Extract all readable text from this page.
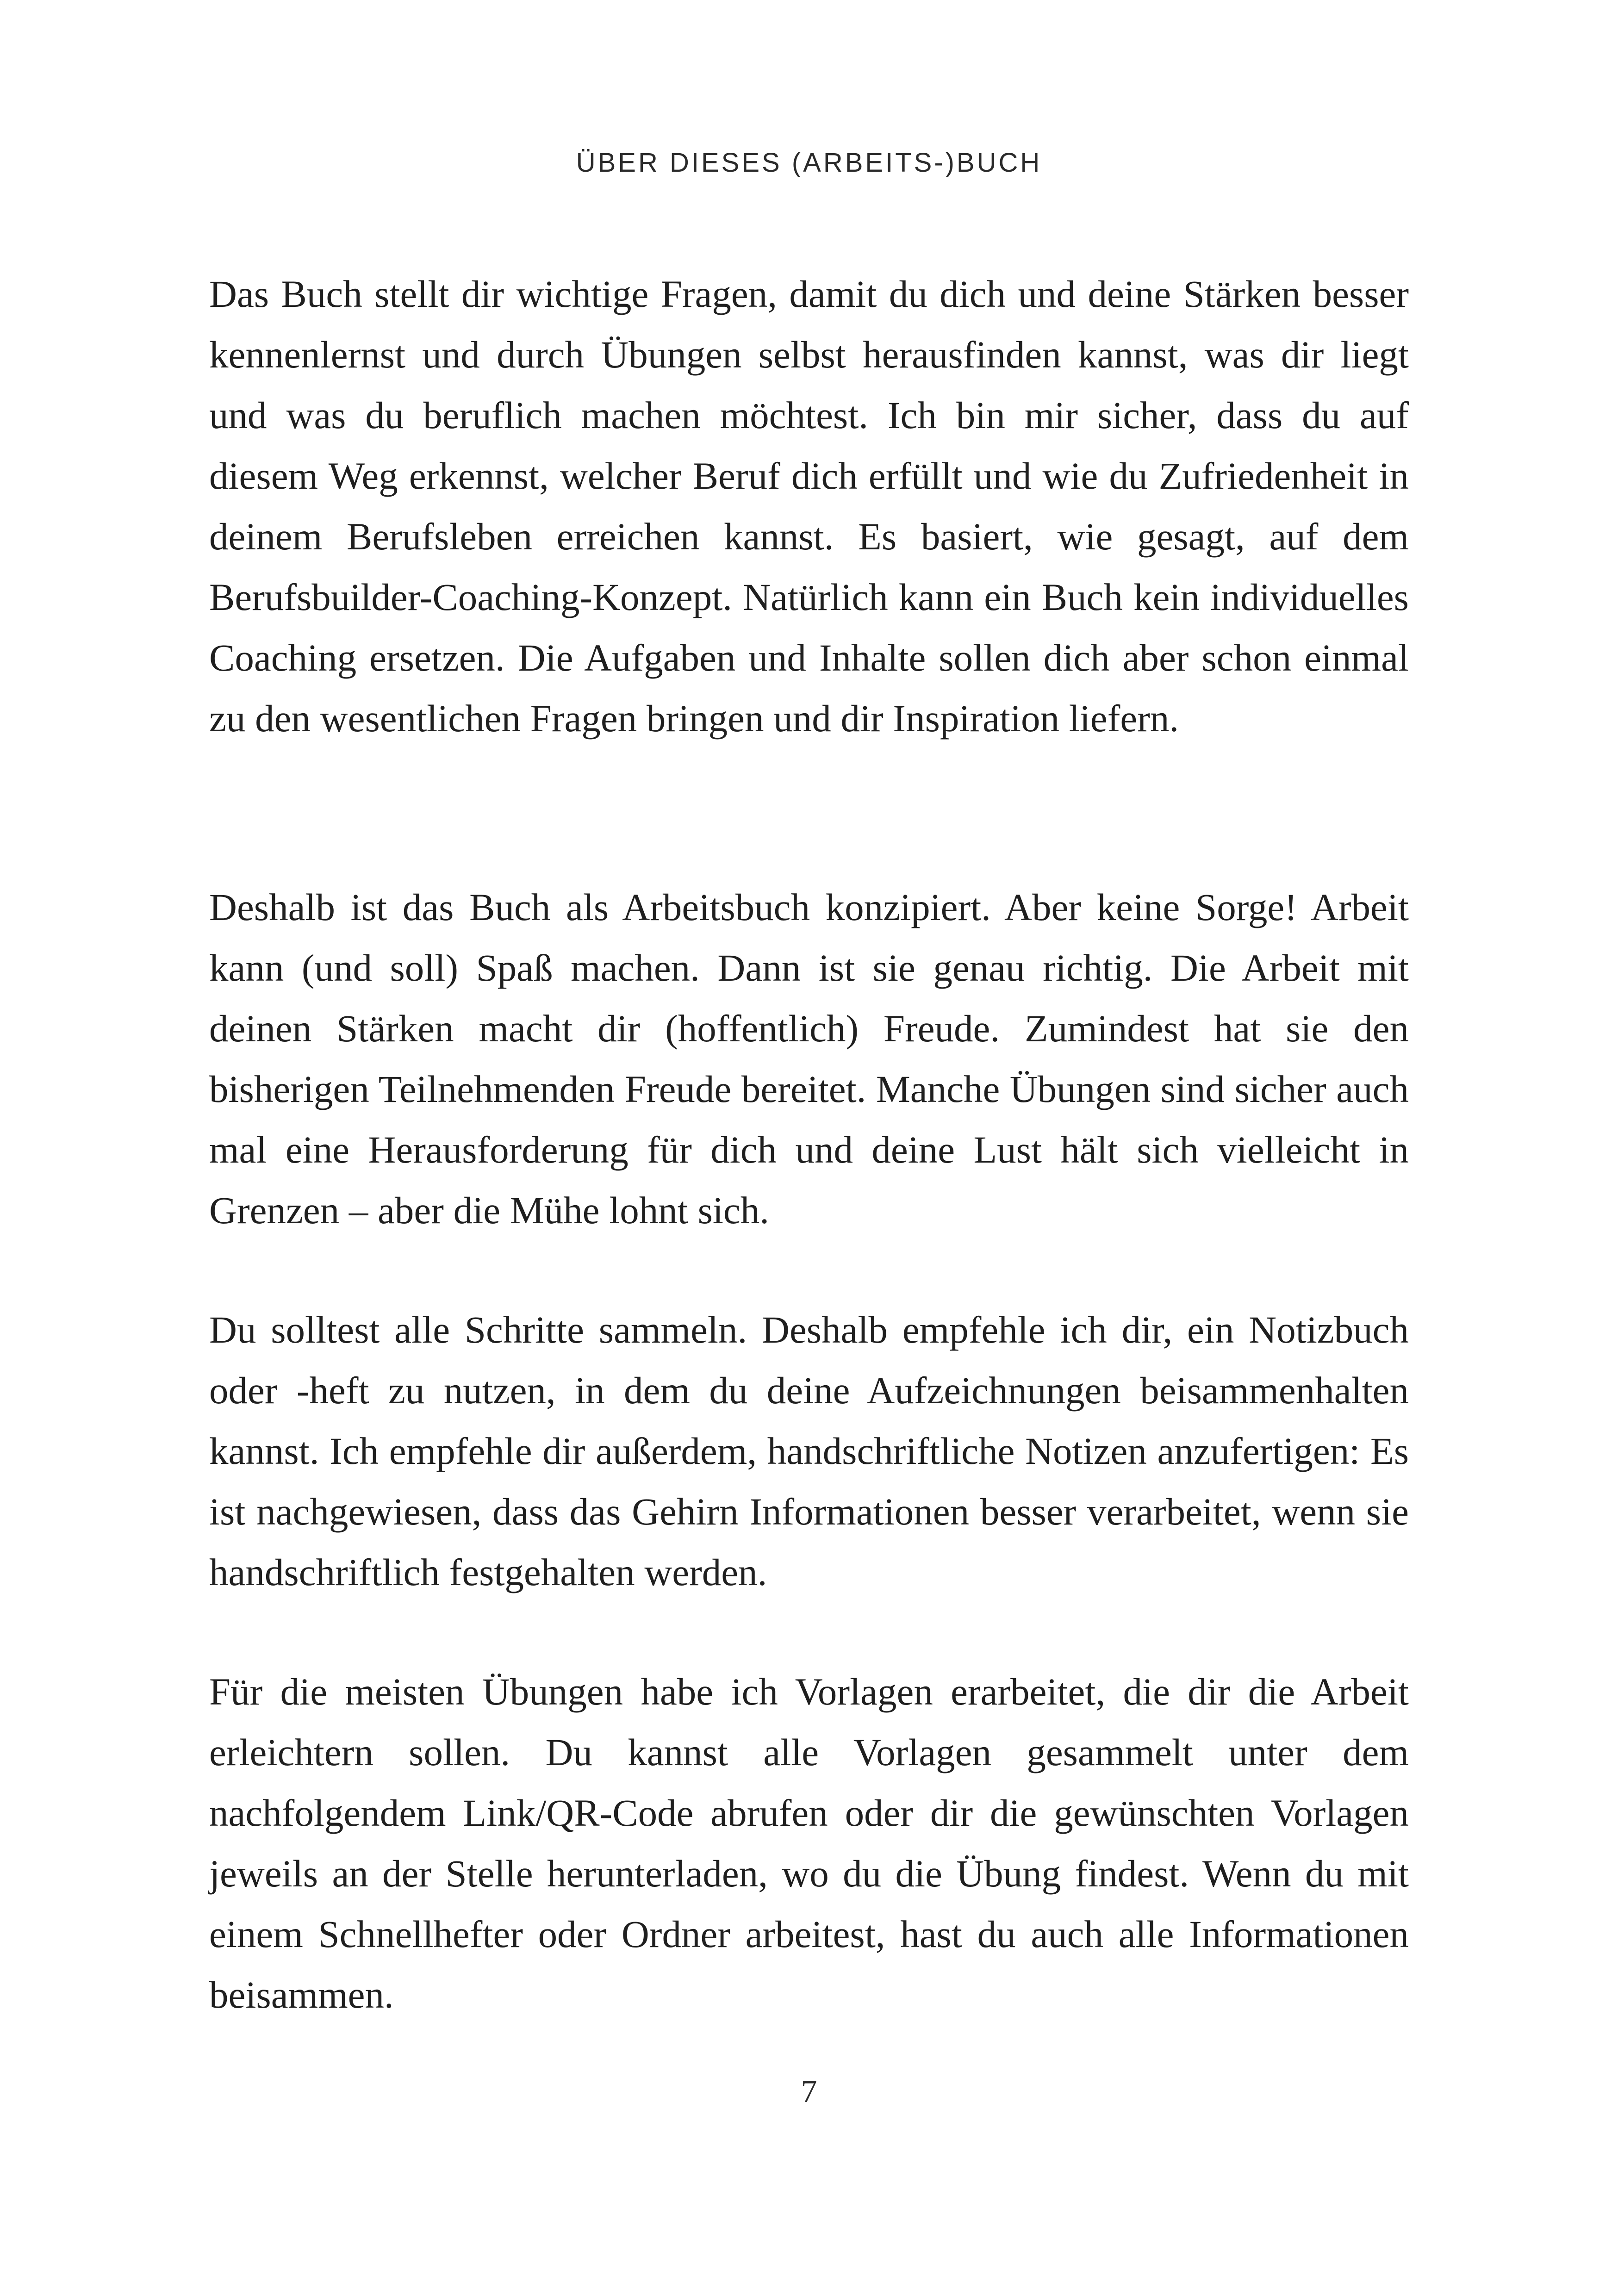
ÜBER DIESES (ARBEITS-)BUCH

Das Buch stellt dir wichtige Fragen, damit du dich und deine Stärken besser kennenlernst und durch Übungen selbst herausfinden kannst, was dir liegt und was du beruflich machen möchtest. Ich bin mir sicher, dass du auf diesem Weg erkennst, welcher Beruf dich erfüllt und wie du Zufriedenheit in deinem Berufsleben erreichen kannst. Es basiert, wie gesagt, auf dem Berufsbuilder-Coaching-Konzept. Natürlich kann ein Buch kein individuelles Coaching ersetzen. Die Aufgaben und Inhalte sollen dich aber schon einmal zu den wesentlichen Fragen bringen und dir Inspiration liefern.

Deshalb ist das Buch als Arbeitsbuch konzipiert. Aber keine Sorge! Arbeit kann (und soll) Spaß machen. Dann ist sie genau richtig. Die Arbeit mit deinen Stärken macht dir (hoffentlich) Freude. Zumindest hat sie den bisherigen Teilnehmenden Freude bereitet. Manche Übungen sind sicher auch mal eine Herausforderung für dich und deine Lust hält sich vielleicht in Grenzen – aber die Mühe lohnt sich.

Du solltest alle Schritte sammeln. Deshalb empfehle ich dir, ein Notizbuch oder -heft zu nutzen, in dem du deine Aufzeichnungen beisammenhalten kannst. Ich empfehle dir außerdem, handschriftliche Notizen anzufertigen: Es ist nachgewiesen, dass das Gehirn Informationen besser verarbeitet, wenn sie handschriftlich festgehalten werden.

Für die meisten Übungen habe ich Vorlagen erarbeitet, die dir die Arbeit erleichtern sollen. Du kannst alle Vorlagen gesammelt unter dem nachfolgendem Link/QR-Code abrufen oder dir die gewünschten Vorlagen jeweils an der Stelle herunterladen, wo du die Übung findest. Wenn du mit einem Schnellhefter oder Ordner arbeitest, hast du auch alle Informationen beisammen.

7
